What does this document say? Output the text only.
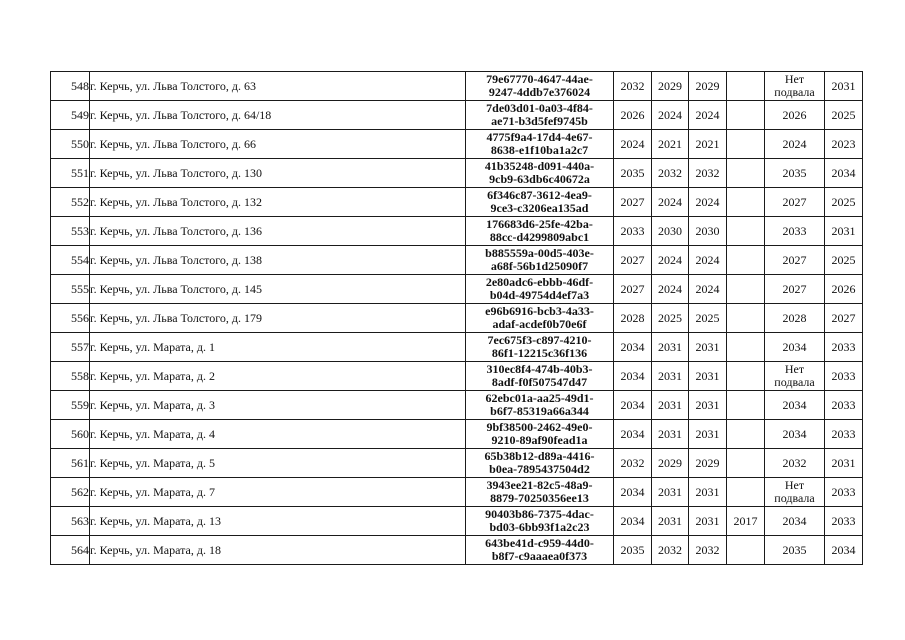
548	г. Керчь, ул. Льва Толстого, д. 63	79e67770-4647-44ae-
9247-4ddb7e376024	2032	2029	2029		Нет подвала	2031
549	г. Керчь, ул. Льва Толстого, д. 64/18	7de03d01-0a03-4f84-
ae71-b3d5fef9745b	2026	2024	2024		2026	2025
550	г. Керчь, ул. Льва Толстого, д. 66	4775f9a4-17d4-4e67-
8638-e1f10ba1a2c7	2024	2021	2021		2024	2023
551	г. Керчь, ул. Льва Толстого, д. 130	41b35248-d091-440a-
9cb9-63db6c40672a	2035	2032	2032		2035	2034
552	г. Керчь, ул. Льва Толстого, д. 132	6f346c87-3612-4ea9-
9ce3-c3206ea135ad	2027	2024	2024		2027	2025
553	г. Керчь, ул. Льва Толстого, д. 136	176683d6-25fe-42ba-
88cc-d4299809abc1	2033	2030	2030		2033	2031
554	г. Керчь, ул. Льва Толстого, д. 138	b885559a-00d5-403e-
a68f-56b1d25090f7	2027	2024	2024		2027	2025
555	г. Керчь, ул. Льва Толстого, д. 145	2e80adc6-ebbb-46df-
b04d-49754d4ef7a3	2027	2024	2024		2027	2026
556	г. Керчь, ул. Льва Толстого, д. 179	e96b6916-bcb3-4a33-
adaf-acdef0b70e6f	2028	2025	2025		2028	2027
557	г. Керчь, ул. Марата, д. 1	7ec675f3-c897-4210-
86f1-12215c36f136	2034	2031	2031		2034	2033
558	г. Керчь, ул. Марата, д. 2	310ec8f4-474b-40b3-
8adf-f0f507547d47	2034	2031	2031		Нет подвала	2033
559	г. Керчь, ул. Марата, д. 3	62ebc01a-aa25-49d1-
b6f7-85319a66a344	2034	2031	2031		2034	2033
560	г. Керчь, ул. Марата, д. 4	9bf38500-2462-49e0-
9210-89af90fead1a	2034	2031	2031		2034	2033
561	г. Керчь, ул. Марата, д. 5	65b38b12-d89a-4416-
b0ea-7895437504d2	2032	2029	2029		2032	2031
562	г. Керчь, ул. Марата, д. 7	3943ee21-82c5-48a9-
8879-70250356ee13	2034	2031	2031		Нет подвала	2033
563	г. Керчь, ул. Марата, д. 13	90403b86-7375-4dac-
bd03-6bb93f1a2c23	2034	2031	2031	2017	2034	2033
564	г. Керчь, ул. Марата, д. 18	643be41d-c959-44d0-
b8f7-c9aaaea0f373	2035	2032	2032		2035	2034
